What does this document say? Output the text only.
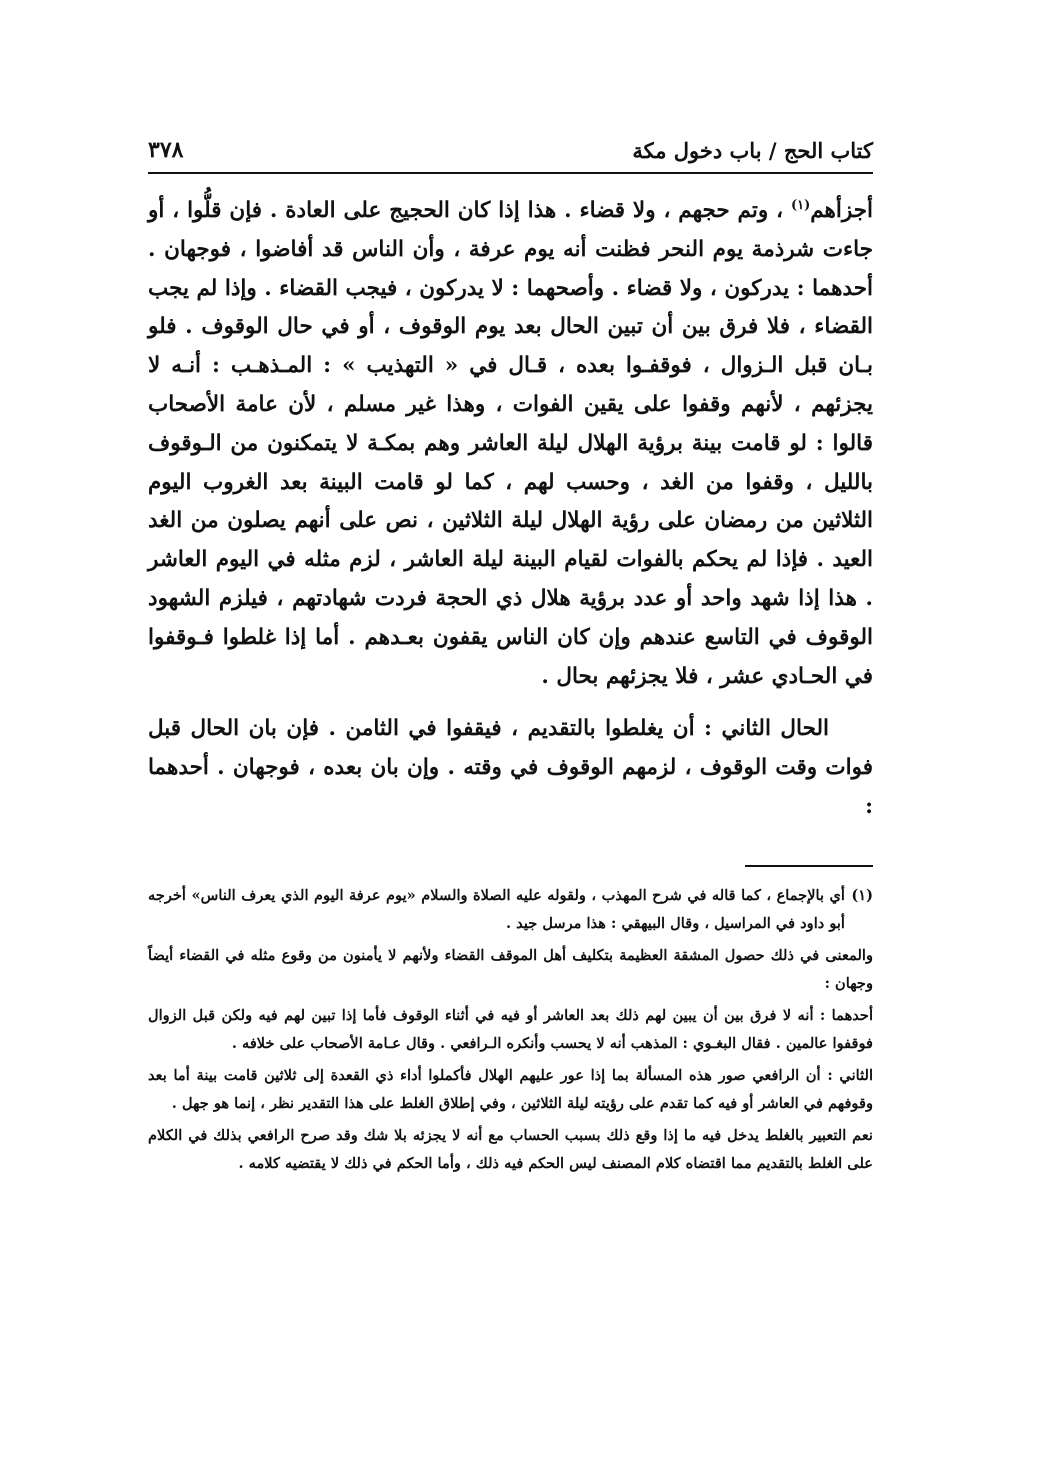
كتاب الحج / باب دخول مكة
٣٧٨

أجزأهم$^{(١)}$ ، وتم حجهم ، ولا قضاء . هذا إذا كان الحجيج على العادة . فإن قلُّوا ، أو جاءت شرذمة يوم النحر فظنت أنه يوم عرفة ، وأن الناس قد أفاضوا ، فوجهان . أحدهما : يدركون ، ولا قضاء . وأصحهما : لا يدركون ، فيجب القضاء . وإذا لم يجب القضاء ، فلا فرق بين أن تبين الحال بعد يوم الوقوف ، أو في حال الوقوف . فلو بـان قبل الـزوال ، فوقفـوا بعده ، قـال في « التهذيب » : المـذهـب : أنـه لا يجزئهم ، لأنهم وقفوا على يقين الفوات ، وهذا غير مسلم ، لأن عامة الأصحاب قالوا : لو قامت بينة برؤية الهلال ليلة العاشر وهم بمكـة لا يتمكنون من الـوقوف بالليل ، وقفوا من الغد ، وحسب لهم ، كما لو قامت البينة بعد الغروب اليوم الثلاثين من رمضان على رؤية الهلال ليلة الثلاثين ، نص على أنهم يصلون من الغد العيد . فإذا لم يحكم بالفوات لقيام البينة ليلة العاشر ، لزم مثله في اليوم العاشر . هذا إذا شهد واحد أو عدد برؤية هلال ذي الحجة فردت شهادتهم ، فيلزم الشهود الوقوف في التاسع عندهم وإن كان الناس يقفون بعـدهم . أما إذا غلطوا فـوقفوا في الحـادي عشر ، فلا يجزئهم بحال .

الحال الثاني : أن يغلطوا بالتقديم ، فيقفوا في الثامن . فإن بان الحال قبل فوات وقت الوقوف ، لزمهم الوقوف في وقته . وإن بان بعده ، فوجهان . أحدهما :

(١)أي بالإجماع ، كما قاله في شرح المهذب ، ولقوله عليه الصلاة والسلام «يوم عرفة اليوم الذي يعرف الناس» أخرجه أبو داود في المراسيل ، وقال البيهقي : هذا مرسل جيد .

والمعنى في ذلك حصول المشقة العظيمة بتكليف أهل الموقف القضاء ولأنهم لا يأمنون من وقوع مثله في القضاء أيضاً وجهان :

أحدهما : أنه لا فرق بين أن يبين لهم ذلك بعد العاشر أو فيه في أثناء الوقوف فأما إذا تبين لهم فيه ولكن قبل الزوال فوقفوا عالمين . فقال البغـوي : المذهب أنه لا يحسب وأنكره الـرافعي . وقال عـامة الأصحاب على خلافه .

الثاني : أن الرافعي صور هذه المسألة بما إذا عور عليهم الهلال فأكملوا أداء ذي القعدة إلى ثلاثين قامت بينة أما بعد وقوفهم في العاشر أو فيه كما تقدم على رؤيته ليلة الثلاثين ، وفي إطلاق الغلط على هذا التقدير نظر ، إنما هو جهل .

نعم التعبير بالغلط يدخل فيه ما إذا وقع ذلك بسبب الحساب مع أنه لا يجزئه بلا شك وقد صرح الرافعي بذلك في الكلام على الغلط بالتقديم مما اقتضاه كلام المصنف ليس الحكم فيه ذلك ، وأما الحكم في ذلك لا يقتضيه كلامه .
